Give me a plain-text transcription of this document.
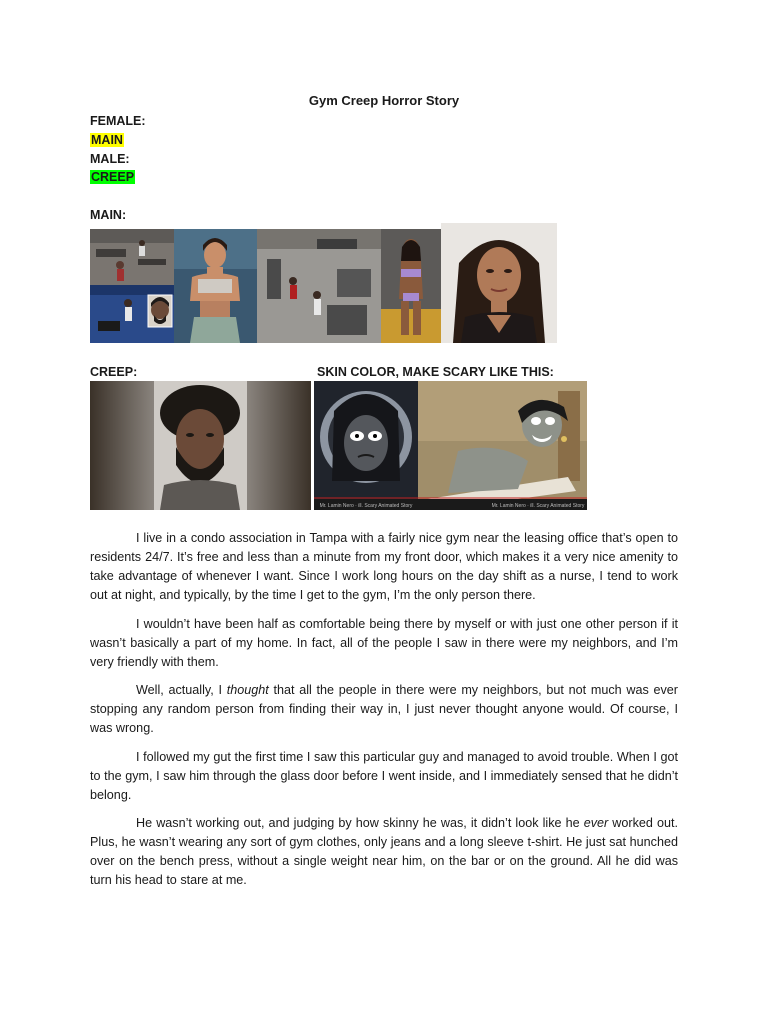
Gym Creep Horror Story
FEMALE:
MAIN
MALE:
CREEP
MAIN:
CREEP:	SKIN COLOR, MAKE SCARY LIKE THIS:
Mr. Lamin Nero · ill. Scary Animated Story	Mr. Lamin Nero · ill. Scary Animated Story

I live in a condo association in Tampa with a fairly nice gym near the leasing office that’s open to residents 24/7. It’s free and less than a minute from my front door, which makes it a very nice amenity to take advantage of whenever I want. Since I work long hours on the day shift as a nurse, I tend to work out at night, and typically, by the time I get to the gym, I’m the only person there.

I wouldn’t have been half as comfortable being there by myself or with just one other person if it wasn’t basically a part of my home. In fact, all of the people I saw in there were my neighbors, and I’m very friendly with them.

Well, actually, I thought that all the people in there were my neighbors, but not much was ever stopping any random person from finding their way in, I just never thought anyone would. Of course, I was wrong.

I followed my gut the first time I saw this particular guy and managed to avoid trouble. When I got to the gym, I saw him through the glass door before I went inside, and I immediately sensed that he didn’t belong.

He wasn’t working out, and judging by how skinny he was, it didn’t look like he ever worked out. Plus, he wasn’t wearing any sort of gym clothes, only jeans and a long sleeve t-shirt. He just sat hunched over on the bench press, without a single weight near him, on the bar or on the ground. All he did was turn his head to stare at me.
